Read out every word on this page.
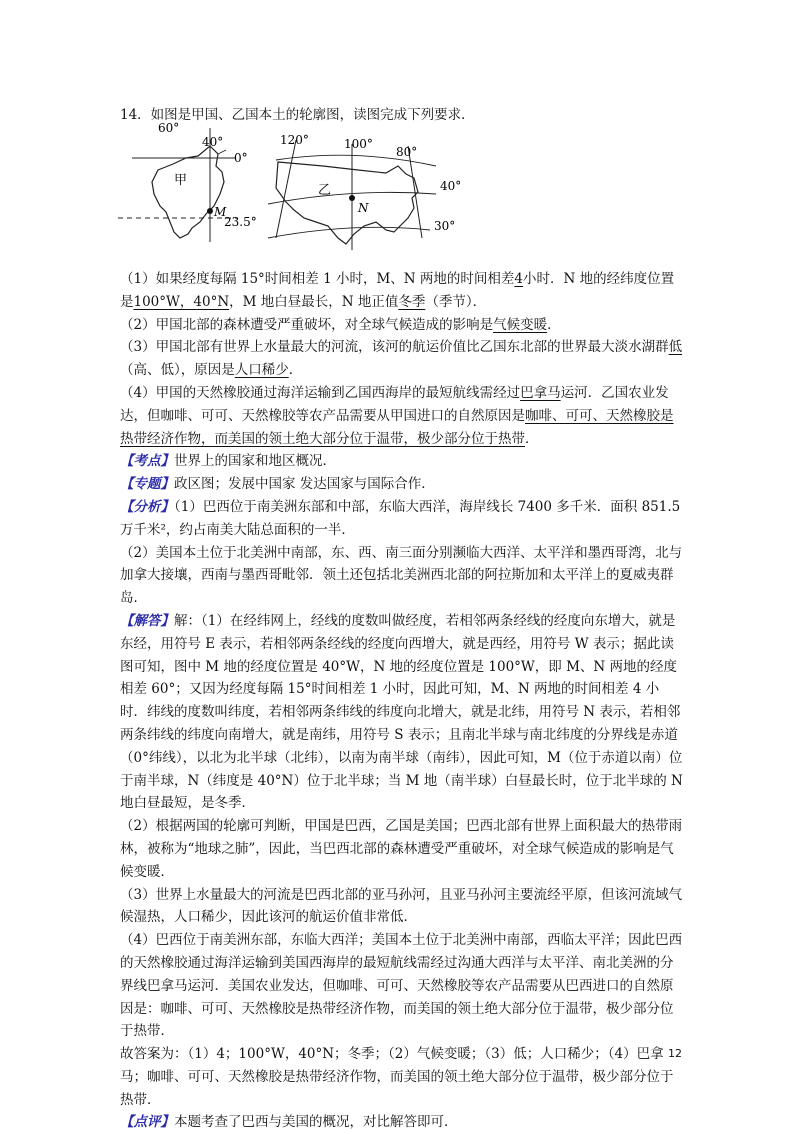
14．如图是甲国、乙国本土的轮廓图，读图完成下列要求．
60°
40°
0°
甲
M
23.5°
120°	100°
80°
乙	40°
N
30°

（1）如果经度每隔 15°时间相差 1 小时，M、N 两地的时间相差4小时．N 地的经纬度位置是100°W，40°N，M 地白昼最长，N 地正值冬季（季节）．

（2）甲国北部的森林遭受严重破坏，对全球气候造成的影响是气候变暖．

（3）甲国北部有世界上水量最大的河流，该河的航运价值比乙国东北部的世界最大淡水湖群低（高、低），原因是人口稀少．

（4）甲国的天然橡胶通过海洋运输到乙国西海岸的最短航线需经过巴拿马运河．乙国农业发达，但咖啡、可可、天然橡胶等农产品需要从甲国进口的自然原因是咖啡、可可、天然橡胶是热带经济作物，而美国的领土绝大部分位于温带，极少部分位于热带．

【考点】世界上的国家和地区概况．

【专题】政区图；发展中国家 发达国家与国际合作．

【分析】（1）巴西位于南美洲东部和中部，东临大西洋，海岸线长 7400 多千米．面积 851.5 万千米²，约占南美大陆总面积的一半．

（2）美国本土位于北美洲中南部，东、西、南三面分别濒临大西洋、太平洋和墨西哥湾，北与加拿大接壤，西南与墨西哥毗邻．领土还包括北美洲西北部的阿拉斯加和太平洋上的夏威夷群岛．

【解答】解：（1）在经纬网上，经线的度数叫做经度，若相邻两条经线的经度向东增大，就是东经，用符号 E 表示，若相邻两条经线的经度向西增大，就是西经，用符号 W 表示；据此读图可知，图中 M 地的经度位置是 40°W，N 地的经度位置是 100°W，即 M、N 两地的经度相差 60°；又因为经度每隔 15°时间相差 1 小时，因此可知，M、N 两地的时间相差 4 小时．纬线的度数叫纬度，若相邻两条纬线的纬度向北增大，就是北纬，用符号 N 表示，若相邻两条纬线的纬度向南增大，就是南纬，用符号 S 表示；且南北半球与南北纬度的分界线是赤道（0°纬线），以北为北半球（北纬），以南为南半球（南纬），因此可知，M（位于赤道以南）位于南半球，N（纬度是 40°N）位于北半球；当 M 地（南半球）白昼最长时，位于北半球的 N 地白昼最短，是冬季．

（2）根据两国的轮廓可判断，甲国是巴西，乙国是美国；巴西北部有世界上面积最大的热带雨林，被称为“地球之肺”，因此，当巴西北部的森林遭受严重破坏，对全球气候造成的影响是气候变暖．

（3）世界上水量最大的河流是巴西北部的亚马孙河，且亚马孙河主要流经平原，但该河流域气候湿热，人口稀少，因此该河的航运价值非常低．

（4）巴西位于南美洲东部，东临大西洋；美国本土位于北美洲中南部，西临太平洋；因此巴西的天然橡胶通过海洋运输到美国西海岸的最短航线需经过沟通大西洋与太平洋、南北美洲的分界线巴拿马运河．美国农业发达，但咖啡、可可、天然橡胶等农产品需要从巴西进口的自然原因是：咖啡、可可、天然橡胶是热带经济作物，而美国的领土绝大部分位于温带，极少部分位于热带．

故答案为：（1）4；100°W，40°N；冬季；（2）气候变暖；（3）低；人口稀少；（4）巴拿马；咖啡、可可、天然橡胶是热带经济作物，而美国的领土绝大部分位于温带，极少部分位于热带．

【点评】本题考查了巴西与美国的概况，对比解答即可．

12
